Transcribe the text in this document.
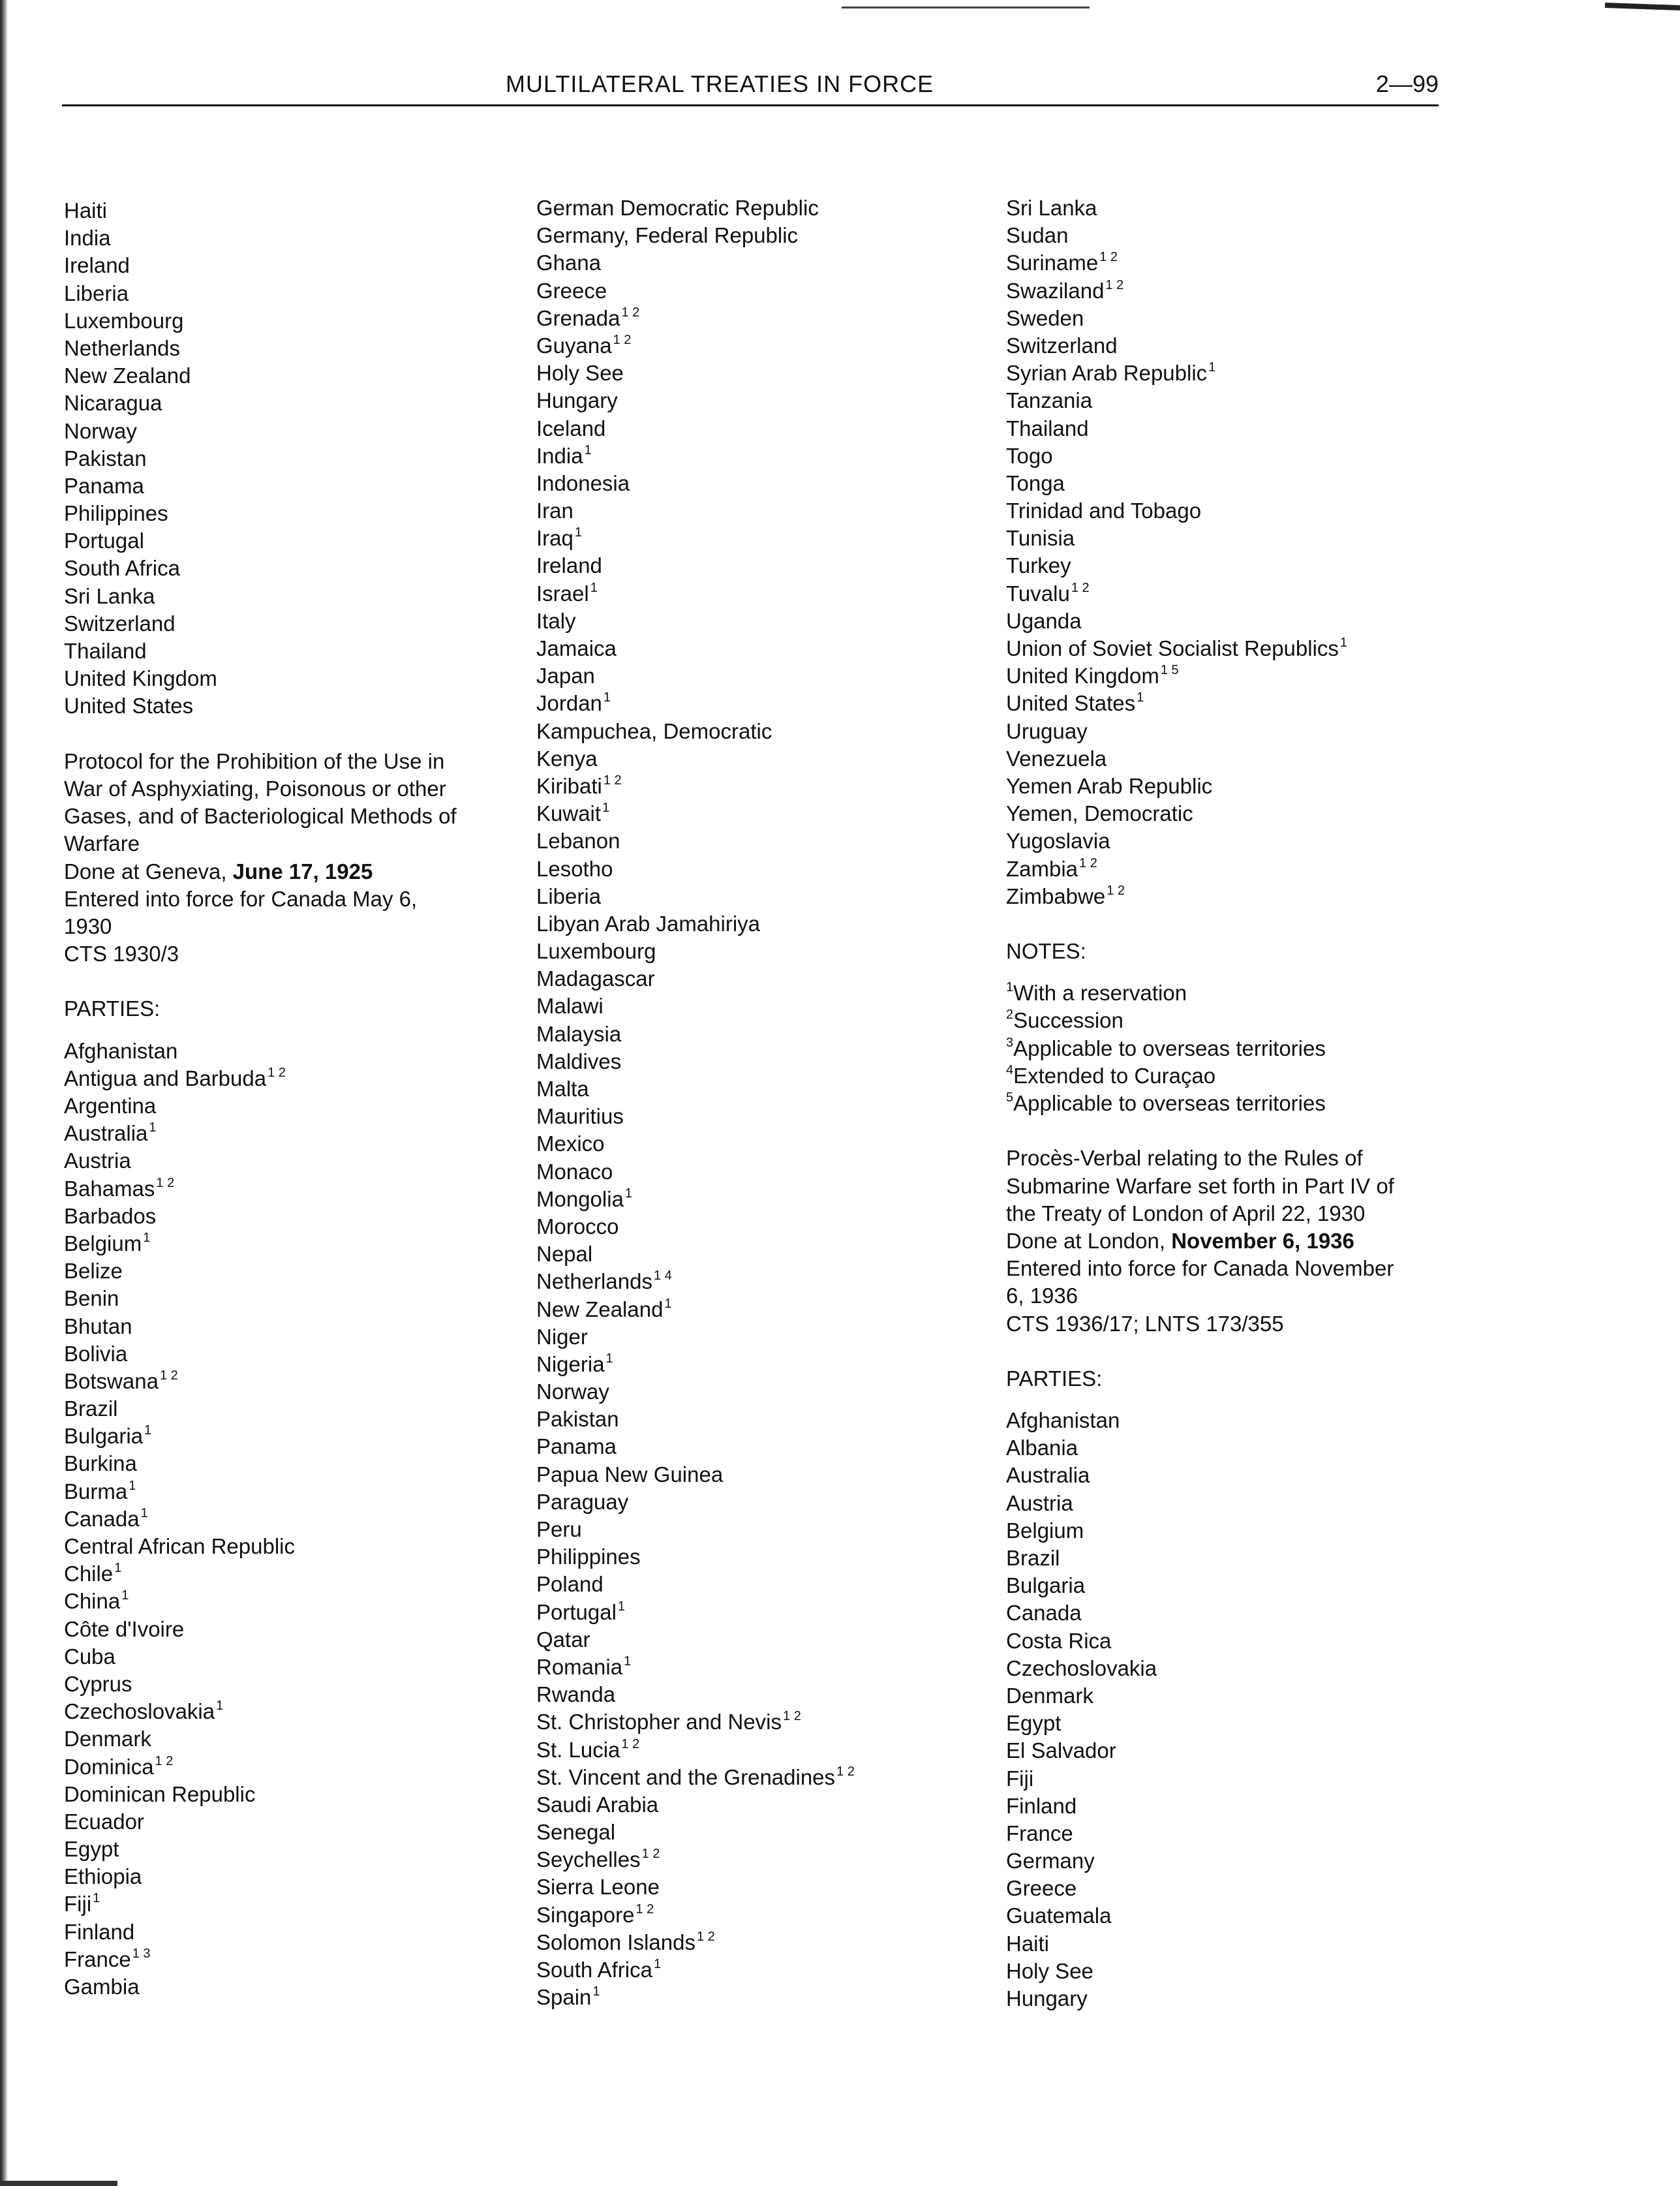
MULTILATERAL TREATIES IN FORCE	2—99
Haiti
India
Ireland
Liberia
Luxembourg
Netherlands
New Zealand
Nicaragua
Norway
Pakistan
Panama
Philippines
Portugal
South Africa
Sri Lanka
Switzerland
Thailand
United Kingdom
United States
Protocol for the Prohibition of the Use in
War of Asphyxiating, Poisonous or other
Gases, and of Bacteriological Methods of
Warfare
Done at Geneva, June 17, 1925
Entered into force for Canada May 6,
1930
CTS 1930/3
PARTIES:
Afghanistan
Antigua and Barbuda $^{1 2}$
Argentina
Australia $^1$
Austria
Bahamas $^{1 2}$
Barbados
Belgium $^1$
Belize
Benin
Bhutan
Bolivia
Botswana $^{1 2}$
Brazil
Bulgaria $^1$
Burkina
Burma $^1$
Canada $^1$
Central African Republic
Chile $^1$
China $^1$
Côte d'Ivoire
Cuba
Cyprus
Czechoslovakia $^1$
Denmark
Dominica $^{1 2}$
Dominican Republic
Ecuador
Egypt
Ethiopia
Fiji $^1$
Finland
France $^{1 3}$
Gambia
German Democratic Republic
Germany, Federal Republic
Ghana
Greece
Grenada $^{1 2}$
Guyana $^{1 2}$
Holy See
Hungary
Iceland
India $^1$
Indonesia
Iran
Iraq $^1$
Ireland
Israel $^1$
Italy
Jamaica
Japan
Jordan $^1$
Kampuchea, Democratic
Kenya
Kiribati $^{1 2}$
Kuwait $^1$
Lebanon
Lesotho
Liberia
Libyan Arab Jamahiriya
Luxembourg
Madagascar
Malawi
Malaysia
Maldives
Malta
Mauritius
Mexico
Monaco
Mongolia $^1$
Morocco
Nepal
Netherlands $^{1 4}$
New Zealand $^1$
Niger
Nigeria $^1$
Norway
Pakistan
Panama
Papua New Guinea
Paraguay
Peru
Philippines
Poland
Portugal $^1$
Qatar
Romania $^1$
Rwanda
St. Christopher and Nevis $^{1 2}$
St. Lucia $^{1 2}$
St. Vincent and the Grenadines $^{1 2}$
Saudi Arabia
Senegal
Seychelles $^{1 2}$
Sierra Leone
Singapore $^{1 2}$
Solomon Islands $^{1 2}$
South Africa $^1$
Spain $^1$
Sri Lanka
Sudan
Suriname $^{1 2}$
Swaziland $^{1 2}$
Sweden
Switzerland
Syrian Arab Republic $^1$
Tanzania
Thailand
Togo
Tonga
Trinidad and Tobago
Tunisia
Turkey
Tuvalu $^{1 2}$
Uganda
Union of Soviet Socialist Republics $^1$
United Kingdom $^{1 5}$
United States $^1$
Uruguay
Venezuela
Yemen Arab Republic
Yemen, Democratic
Yugoslavia
Zambia $^{1 2}$
Zimbabwe $^{1 2}$
NOTES:
$^1$With a reservation
$^2$Succession
$^3$Applicable to overseas territories
$^4$Extended to Curaçao
$^5$Applicable to overseas territories
Procès-Verbal relating to the Rules of
Submarine Warfare set forth in Part IV of
the Treaty of London of April 22, 1930
Done at London, November 6, 1936
Entered into force for Canada November
6, 1936
CTS 1936/17; LNTS 173/355
PARTIES:
Afghanistan
Albania
Australia
Austria
Belgium
Brazil
Bulgaria
Canada
Costa Rica
Czechoslovakia
Denmark
Egypt
El Salvador
Fiji
Finland
France
Germany
Greece
Guatemala
Haiti
Holy See
Hungary
